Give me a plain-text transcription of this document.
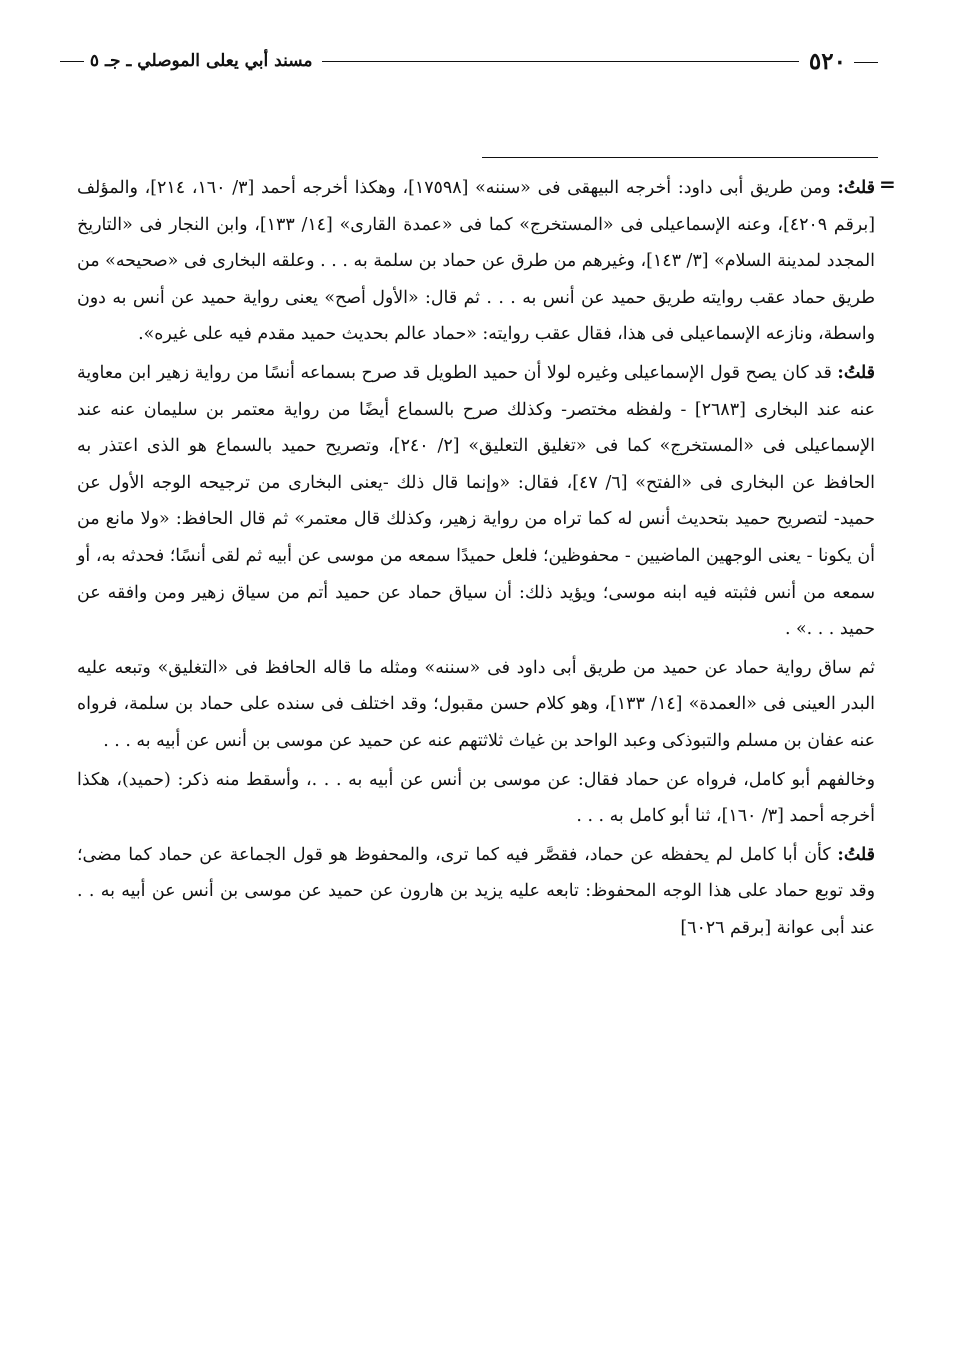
٥٢٠
مسند أبي يعلى الموصلي ـ جـ ٥
=

قلتُ: ومن طريق أبى داود: أخرجه البيهقى فى «سننه» [١٧٥٩٨]، وهكذا أخرجه أحمد [٣/ ١٦٠، ٢١٤]، والمؤلف [برقم ٤٢٠٩]، وعنه الإسماعيلى فى «المستخرج» كما فى «عمدة القارى» [١٤/ ١٣٣]، وابن النجار فى «التاريخ المجدد لمدينة السلام» [٣/ ١٤٣]، وغيرهم من طرق عن حماد بن سلمة به . . . وعلقه البخارى فى «صحيحه» من طريق حماد عقب روايته طريق حميد عن أنس به . . . ثم قال: «الأول أصح» يعنى رواية حميد عن أنس به دون واسطة، ونازعه الإسماعيلى فى هذا، فقال عقب روايته: «حماد عالم بحديث حميد مقدم فيه على غيره».

قلتُ: قد كان يصح قول الإسماعيلى وغيره لولا أن حميد الطويل قد صرح بسماعه أنسًا من رواية زهير ابن معاوية عنه عند البخارى [٢٦٨٣] - ولفظه مختصر- وكذلك صرح بالسماع أيضًا من رواية معتمر بن سليمان عنه عند الإسماعيلى فى «المستخرج» كما فى «تغليق التعليق» [٢/ ٢٤٠]، وتصريح حميد بالسماع هو الذى اعتذر به الحافظ عن البخارى فى «الفتح» [٦/ ٤٧]، فقال: «وإنما قال ذلك -يعنى البخارى من ترجيحه الوجه الأول عن حميد- لتصريح حميد بتحديث أنس له كما تراه من رواية زهير، وكذلك قال معتمر» ثم قال الحافظ: «ولا مانع من أن يكونا - يعنى الوجهين الماضيين - محفوظين؛ فلعل حميدًا سمعه من موسى عن أبيه ثم لقى أنسًا؛ فحدثه به، أو سمعه من أنس فثبته فيه ابنه موسى؛ ويؤيد ذلك: أن سياق حماد عن حميد أتم من سياق زهير ومن وافقه عن حميد . . .» .

ثم ساق رواية حماد عن حميد من طريق أبى داود فى «سننه» ومثله ما قاله الحافظ فى «التغليق» وتبعه عليه البدر العينى فى «العمدة» [١٤/ ١٣٣]، وهو كلام حسن مقبول؛ وقد اختلف فى سنده على حماد بن سلمة، فرواه عنه عفان بن مسلم والتبوذكى وعبد الواحد بن غياث ثلاثتهم عنه عن حميد عن موسى بن أنس عن أبيه به . . .

وخالفهم أبو كامل، فرواه عن حماد فقال: عن موسى بن أنس عن أبيه به . . .، وأسقط منه ذكر: (حميد)، هكذا أخرجه أحمد [٣/ ١٦٠]، ثنا أبو كامل به . . .

قلتُ: كأن أبا كامل لم يحفظه عن حماد، فقصَّر فيه كما ترى، والمحفوظ هو قول الجماعة عن حماد كما مضى؛ وقد توبع حماد على هذا الوجه المحفوظ: تابعه عليه يزيد بن هارون عن حميد عن موسى بن أنس عن أبيه به . . عند أبى عوانة [برقم ٦٠٢٦]
